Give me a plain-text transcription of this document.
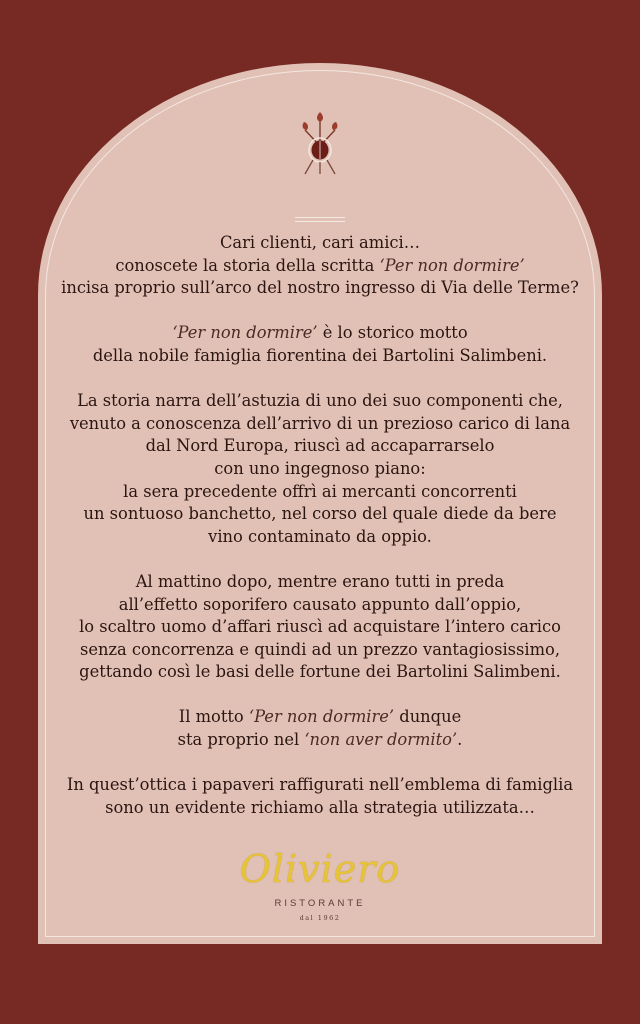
Cari clienti, cari amici…
conoscete la storia della scritta ‘Per non dormire’
incisa proprio sull’arco del nostro ingresso di Via delle Terme?

‘Per non dormire’ è lo storico motto
della nobile famiglia fiorentina dei Bartolini Salimbeni.

La storia narra dell’astuzia di uno dei suo componenti che,
venuto a conoscenza dell’arrivo di un prezioso carico di lana
dal Nord Europa, riuscì ad accaparrarselo
con uno ingegnoso piano:
la sera precedente offrì ai mercanti concorrenti
un sontuoso banchetto, nel corso del quale diede da bere
vino contaminato da oppio.

Al mattino dopo, mentre erano tutti in preda
all’effetto soporifero causato appunto dall’oppio,
lo scaltro uomo d’affari riuscì ad acquistare l’intero carico
senza concorrenza e quindi ad un prezzo vantagiosissimo,
gettando così le basi delle fortune dei Bartolini Salimbeni.

Il motto ‘Per non dormire’ dunque
sta proprio nel ‘non aver dormito’.

In quest’ottica i papaveri raffigurati nell’emblema di famiglia
sono un evidente richiamo alla strategia utilizzata…

Oliviero
RISTORANTE
dal 1962
